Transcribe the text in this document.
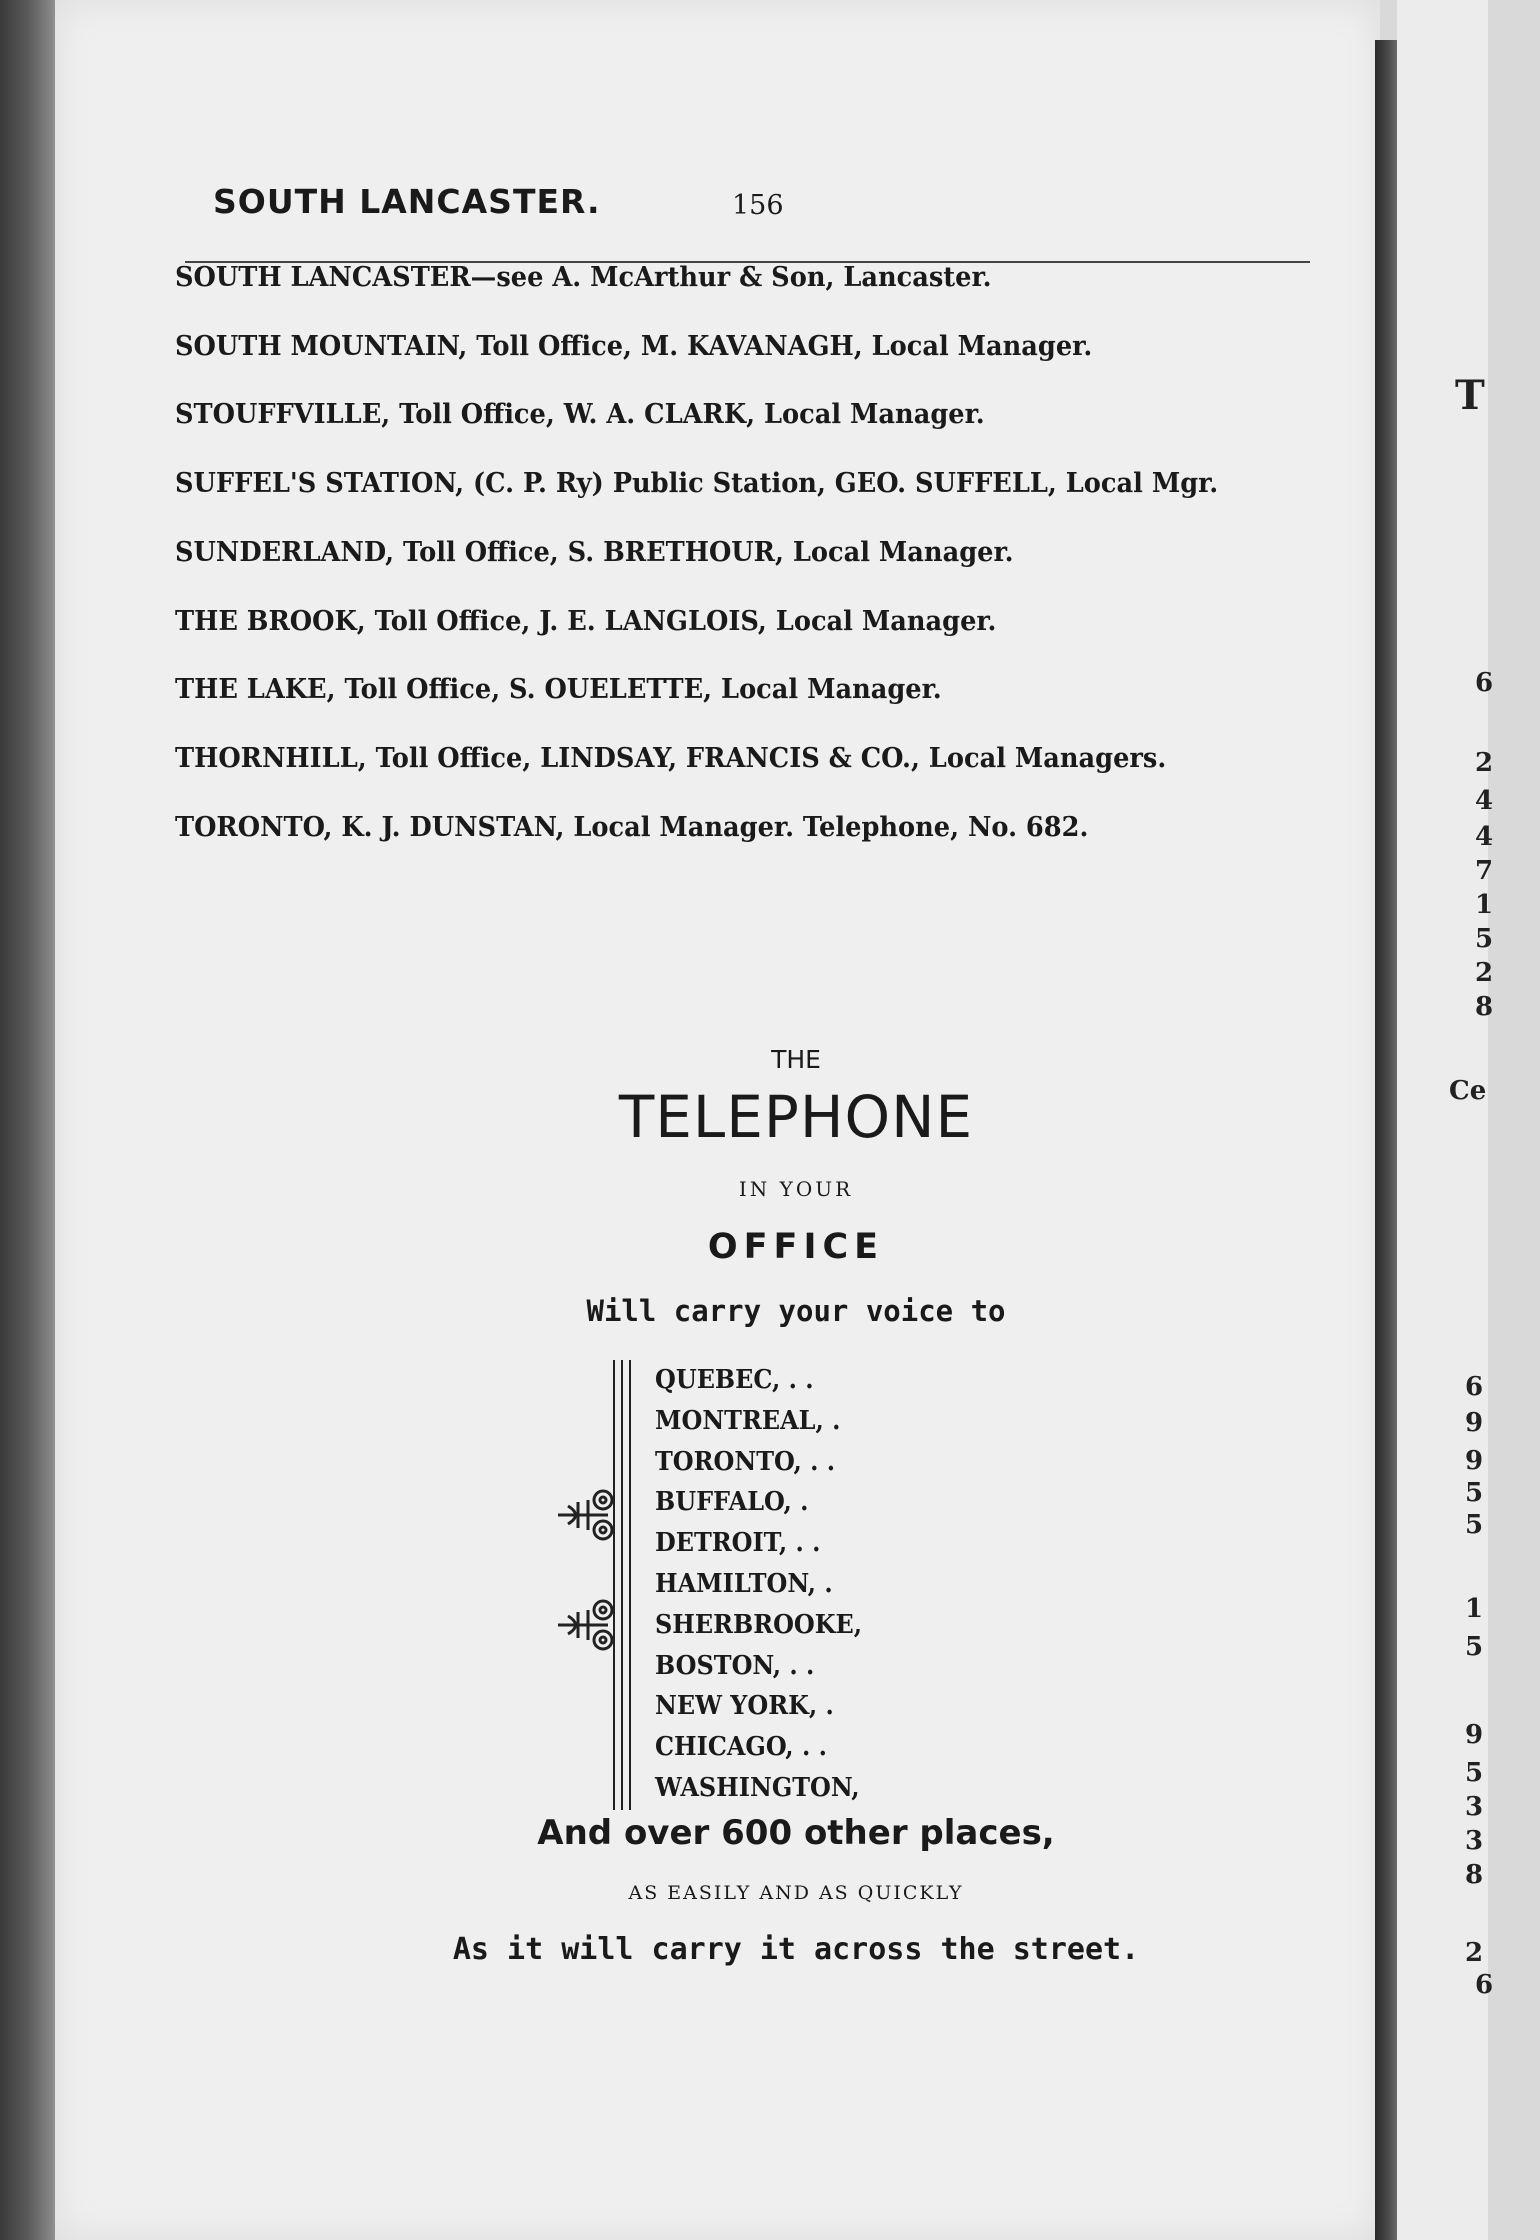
T
6
2
4
4
7
1
5
2
8
Ce
6
9
9
5
5
1
5
9
5
3
3
8
2
6
SOUTH LANCASTER.	156
SOUTH LANCASTER—see A. McArthur & Son, Lancaster.
SOUTH MOUNTAIN, Toll Office, M. KAVANAGH, Local Manager.
STOUFFVILLE, Toll Office, W. A. CLARK, Local Manager.
SUFFEL'S STATION, (C. P. Ry) Public Station, GEO. SUFFELL, Local Mgr.
SUNDERLAND, Toll Office, S. BRETHOUR, Local Manager.
THE BROOK, Toll Office, J. E. LANGLOIS, Local Manager.
THE LAKE, Toll Office, S. OUELETTE, Local Manager.
THORNHILL, Toll Office, LINDSAY, FRANCIS & CO., Local Managers.
TORONTO, K. J. DUNSTAN, Local Manager. Telephone, No. 682.
THE
TELEPHONE
IN YOUR
OFFICE
Will carry your voice to
QUEBEC, . .
MONTREAL, .
TORONTO, . .
BUFFALO, .
DETROIT, . .
HAMILTON, .
SHERBROOKE,
BOSTON, . .
NEW YORK, .
CHICAGO, . .
WASHINGTON,
And over 600 other places,
AS EASILY AND AS QUICKLY
As it will carry it across the street.
